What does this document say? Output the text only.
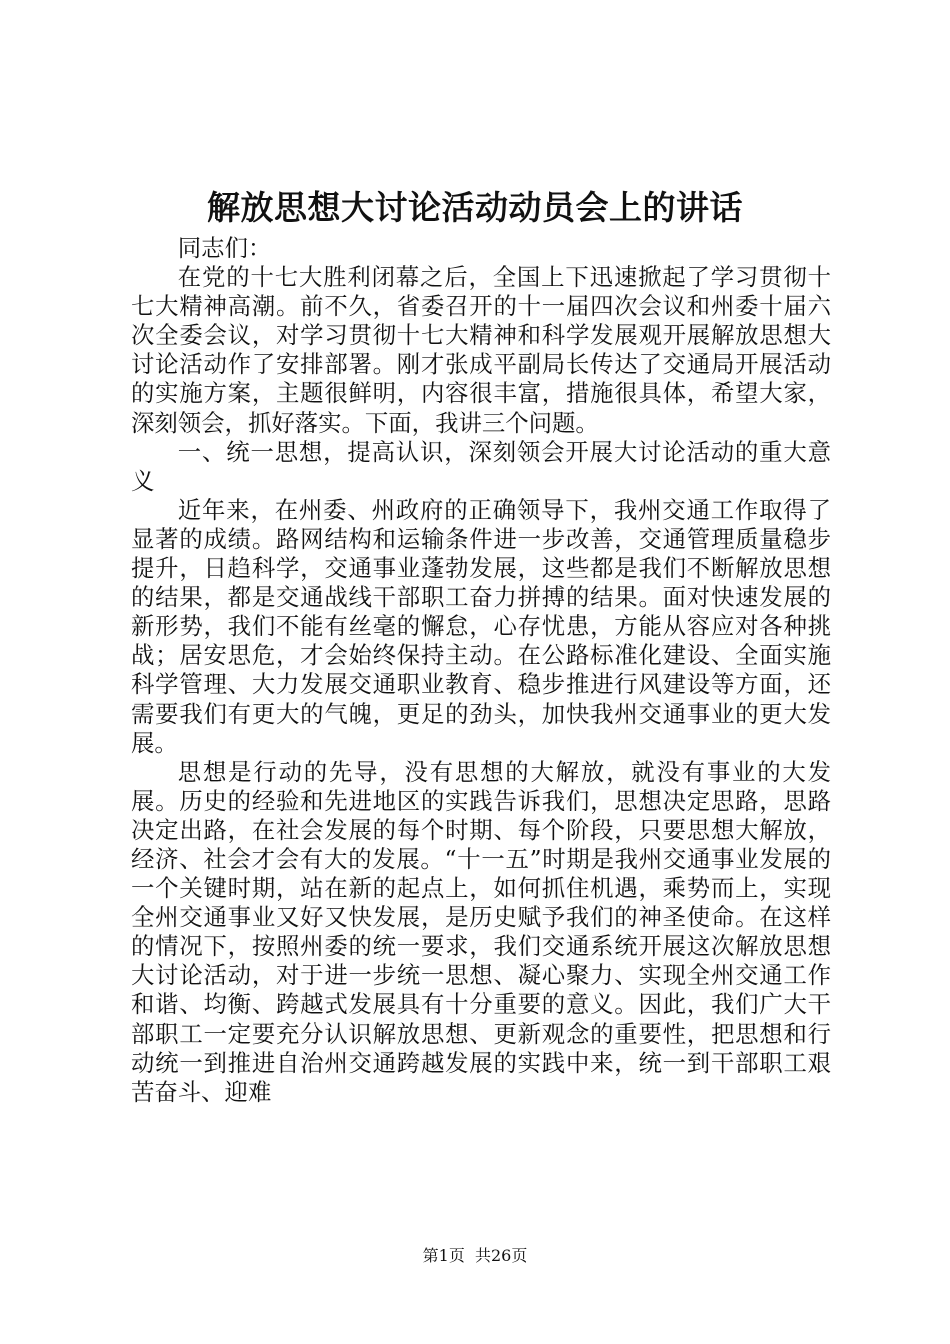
解放思想大讨论活动动员会上的讲话

同志们：

在党的十七大胜利闭幕之后，全国上下迅速掀起了学习贯彻十七大精神高潮。前不久，省委召开的十一届四次会议和州委十届六次全委会议，对学习贯彻十七大精神和科学发展观开展解放思想大讨论活动作了安排部署。刚才张成平副局长传达了交通局开展活动的实施方案，主题很鲜明，内容很丰富，措施很具体，希望大家，深刻领会，抓好落实。下面，我讲三个问题。

一、统一思想，提高认识，深刻领会开展大讨论活动的重大意义

近年来，在州委、州政府的正确领导下，我州交通工作取得了显著的成绩。路网结构和运输条件进一步改善，交通管理质量稳步提升，日趋科学，交通事业蓬勃发展，这些都是我们不断解放思想的结果，都是交通战线干部职工奋力拼搏的结果。面对快速发展的新形势，我们不能有丝毫的懈怠，心存忧患，方能从容应对各种挑战；居安思危，才会始终保持主动。在公路标准化建设、全面实施科学管理、大力发展交通职业教育、稳步推进行风建设等方面，还需要我们有更大的气魄，更足的劲头，加快我州交通事业的更大发展。

思想是行动的先导，没有思想的大解放，就没有事业的大发展。历史的经验和先进地区的实践告诉我们，思想决定思路，思路决定出路，在社会发展的每个时期、每个阶段，只要思想大解放，经济、社会才会有大的发展。“十一五”时期是我州交通事业发展的一个关键时期，站在新的起点上，如何抓住机遇，乘势而上，实现全州交通事业又好又快发展，是历史赋予我们的神圣使命。在这样的情况下，按照州委的统一要求，我们交通系统开展这次解放思想大讨论活动，对于进一步统一思想、凝心聚力、实现全州交通工作和谐、均衡、跨越式发展具有十分重要的意义。因此，我们广大干部职工一定要充分认识解放思想、更新观念的重要性，把思想和行动统一到推进自治州交通跨越发展的实践中来，统一到干部职工艰苦奋斗、迎难

第1页  共26页
